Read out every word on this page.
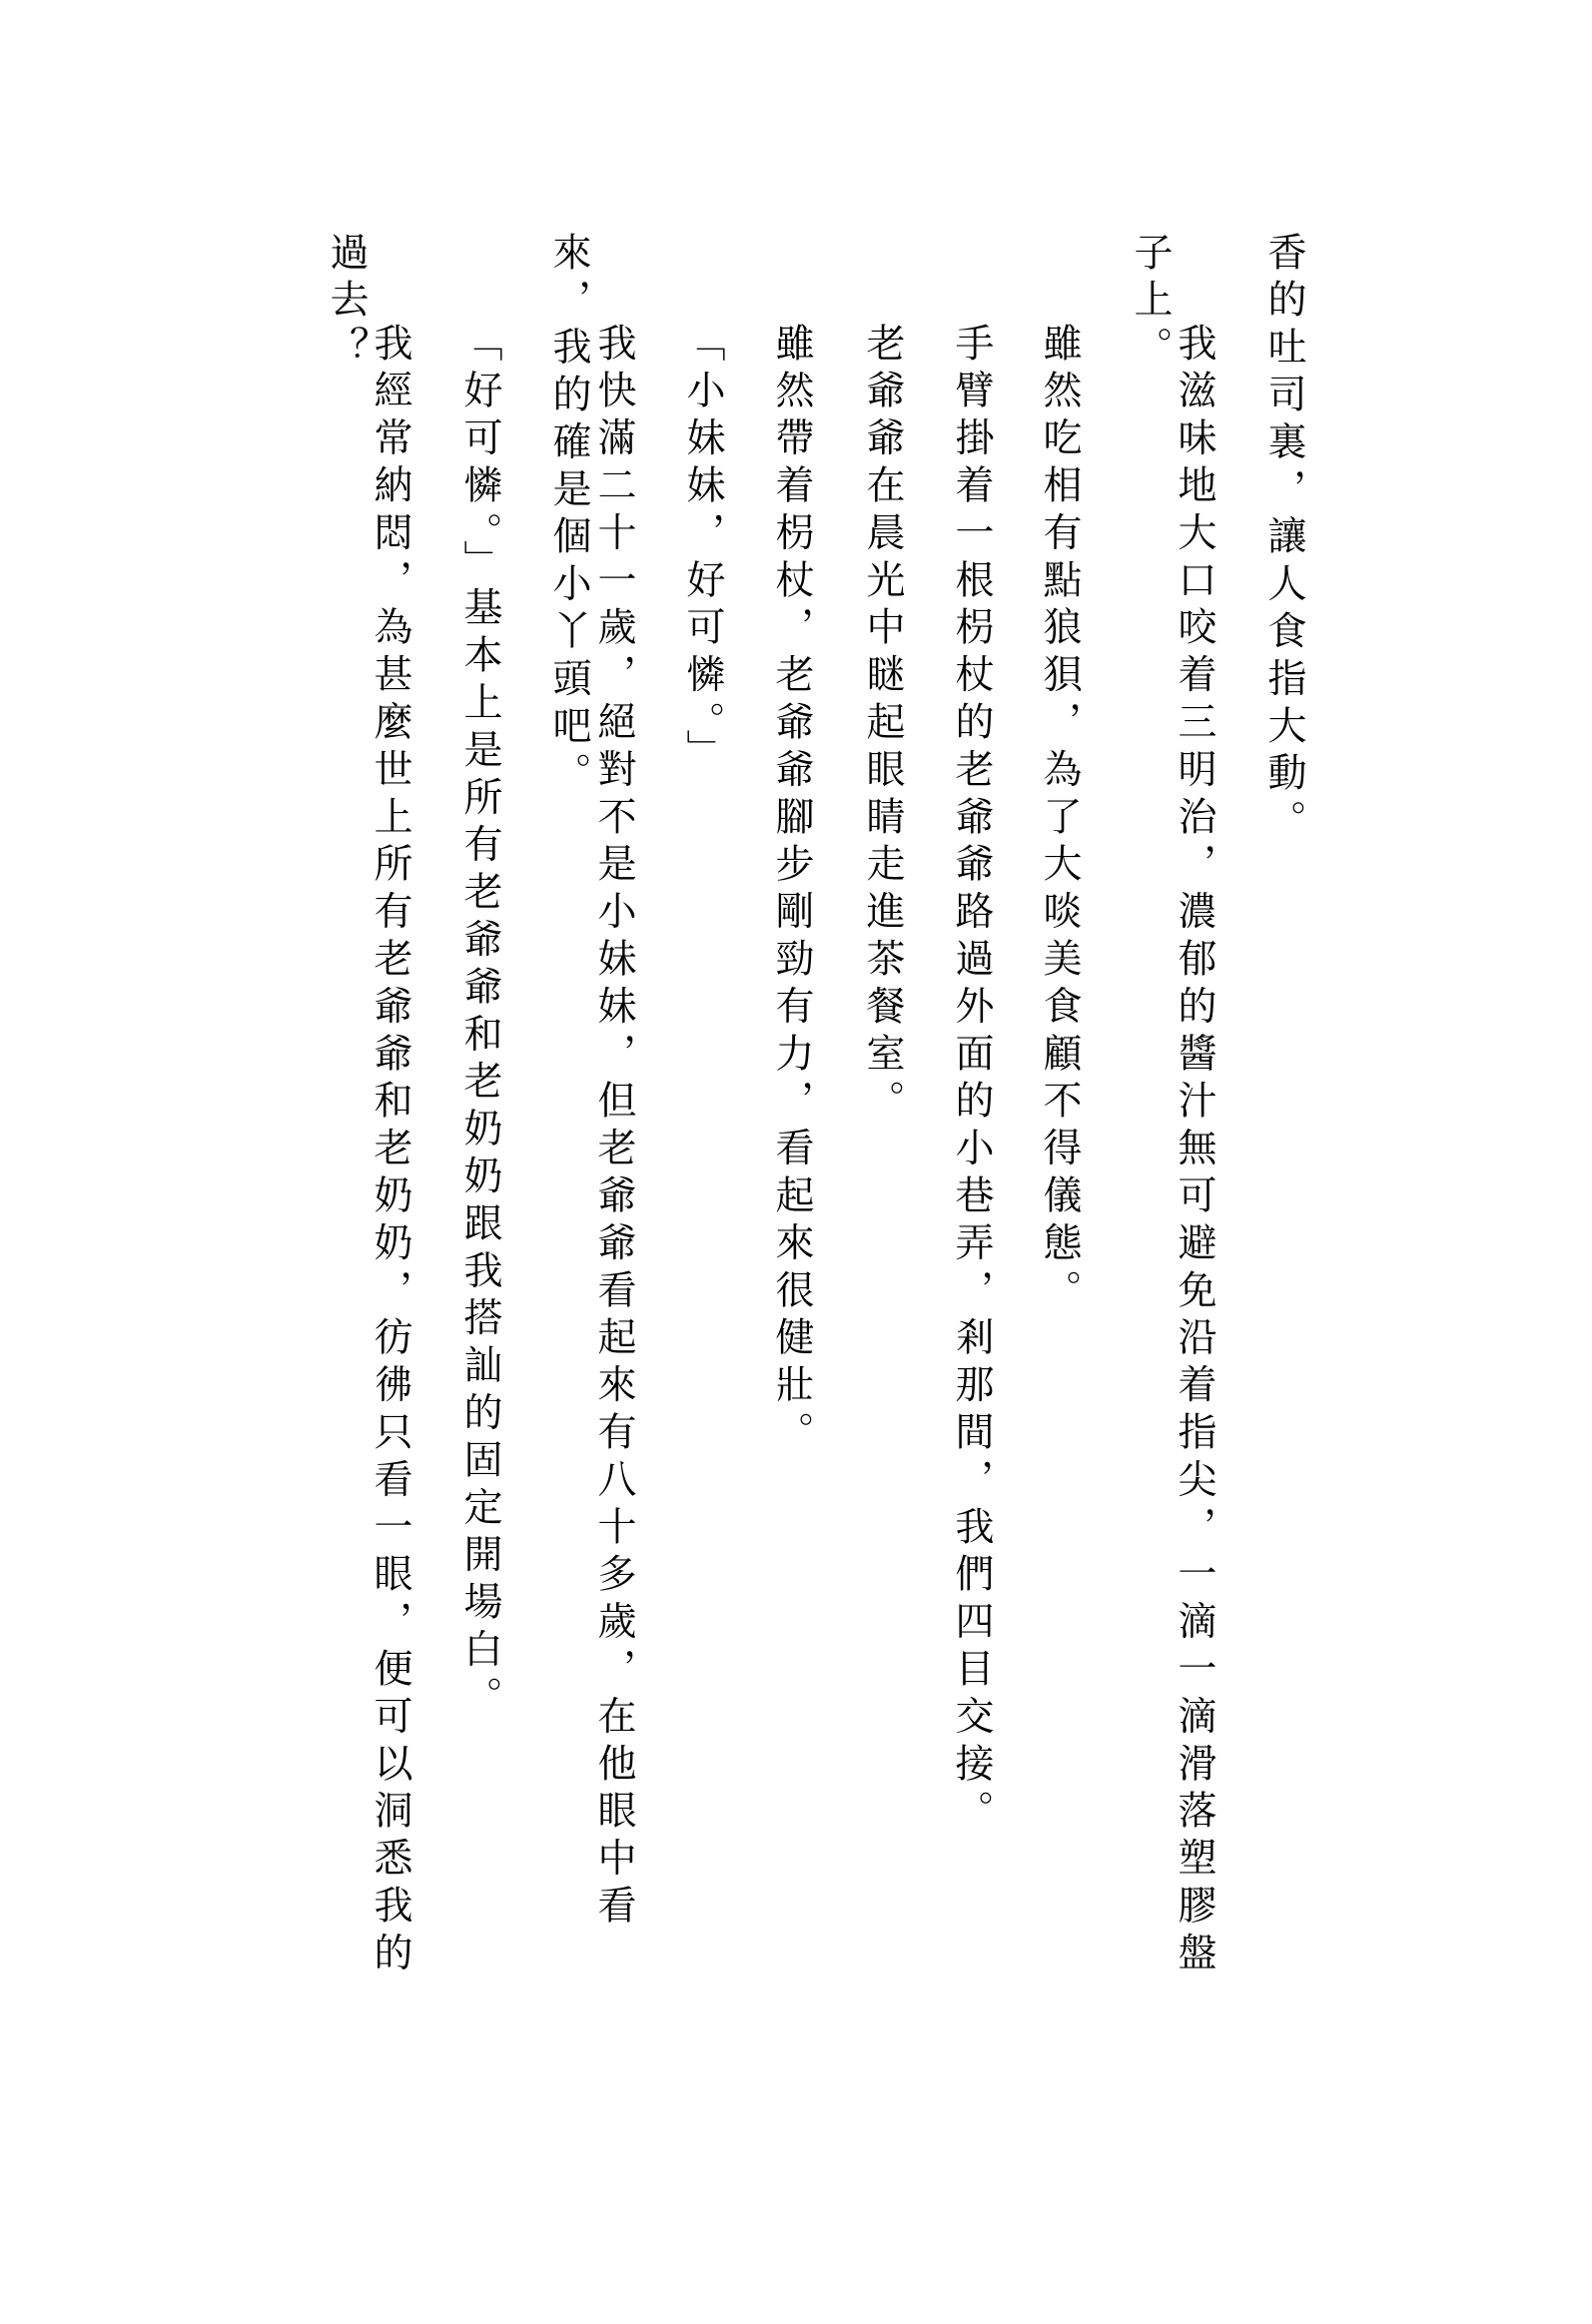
香的吐司裏，讓人食指大動。
我滋味地大口咬着三明治，濃郁的醬汁無可避免沿着指尖，一滴一滴滑落塑膠盤
子上。
雖然吃相有點狼狽，為了大啖美食顧不得儀態。
手臂掛着一根枴杖的老爺爺路過外面的小巷弄，剎那間，我們四目交接。
老爺爺在晨光中瞇起眼睛走進茶餐室。
雖然帶着枴杖，老爺爺腳步剛勁有力，看起來很健壯。
「小妹妹，好可憐。」
我快滿二十一歲，絕對不是小妹妹，但老爺爺看起來有八十多歲，在他眼中看
來，我的確是個小丫頭吧。
「好可憐。」基本上是所有老爺爺和老奶奶跟我搭訕的固定開場白。
我經常納悶，為甚麼世上所有老爺爺和老奶奶，彷彿只看一眼，便可以洞悉我的
過去？
